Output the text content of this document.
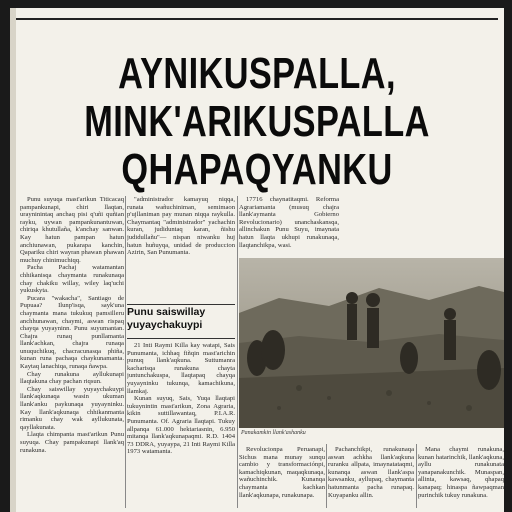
AYNIKUSPALLA,
MINK'ARIKUSPALLA
QHAPAQYANKU

Punu suyuqa mast'arikun Titicacaq pampankunapi, chiri llaqtan, urayninintaq anchaq pisi q'uñi quñian rayku, uywan pampankunantuwan, chiriqa khutullaña, k'anchay sanwan. Kay hatun pampan hatun anchiunawan, pukarapa kanchin, Qapariku chiri wayran phawan phawan muchuy chinimuchiqq.

Pacha Pachaj watamantan chhikanisqa chaymanta runakunaqa chay chakiku willay, wiley laq'uchi yukuskyta.

Pucara "wakacha", Santiago de Pupuaa? Ilunp'isqa, sayk'una chaymanta mana tukukuq pamsilleru anchhunawan, chaymi, aswan rispaq chayqa yuyayninn. Punu suyumantan. Chajra runaq punllamanta llank'achkan, chajra runaqa unuquchikuq, chacracunasqa phiña, kunan runa pachaqa chaykunamanta. Kaytaq lanachiqa, runaqa ñawpa.

Chay runakuna ayllukunapi llaqtakuna chay pachan riqsun.

Chay saiswillay yuyaychakuypi llank'aqkunaqa wasin ukuman llank'anku paykunaqa yuyayninku. Kay llank'aqkunaqa chhikanmanta rimanku chay wak ayllukunata, qayllakunata.

Llaqta chimpanta mast'arikun Punu suyuqa. Chay pampakunapi llank'aq runakuna.

"administrador kamayuq niqqa, runata wañuchiniman, semimaon p'ujllaniman pay munan niqqa raykulla. Chaymantaq "administrador" yachachin kuran, judiduntaq karan, ñishu judidullañu"— nispan niwanku huj hatun huñuyqa, unidad de produccion Azirin, San Punumanta.

17716 chaynatitaqmi. Reforma Agrariamanta (musuq chajra llank'aymanta Gobierno Revolucionario) unanchaskansqa, allinchakun Punu Suyu, imaynata hatun llaqta ukhupi runakunaqa, llaqtanchikpa, wasi.

Punu saiswillay yuyaychakuypi

21 Inti Raymi Killa kay watapi, Sais Punumanta, ichhaq fiñqin mast'arichin punuq llank'aqkuna. Suttumanra kacharisqa runakuna chayta juntunchakuspa, llaqtapaq chayqa yuyayninku tukunqa, kamachikuna, llamkaj.

Kunan suyuq, Sais, Yuqa llaqtapi tukuynintin mast'arikun, Zona Agraria, kikin suttillawantaq, P.I.A.R. Punumanta. Of. Agraria llaqtapi. Tukuy allpanqa 61.000 hektariasnin, 6.950 mitanqa llank'aqkunapaqmi. R.D. 1404 73 DDRA, yuyaypa, 21 Inti Raymi Killa 1973 watamanta.

Panakamkin llank'ashanku

Revolucionpa Peruanapi, Sichus mana munay sunqu cambio y transformaciónpi, kamachiqkunan, maqaqkunaqa, wañuchinchik. Kunanqa chaymanta kachkan llank'aqkunapa, runakunapa.

Pachanchikpi, runakunaqa aswan achkha llank'aqkuna ruranku allpata, imaynatataqmi, kunanqa aswan llank'aspa kawsanku, ayllupaq, chaymanta hatunmanta pacha runapaq. Kuyapanku allin.

Mana chaymi runakuna, kunan hatarinchik, llank'aqkuna, ayllu runakunata yanapanakunchik. Munaspan, allinta, kawsaq, qhapaq kanapaq; hinaspa ñawpaqman purinchik tukuy runakuna.
